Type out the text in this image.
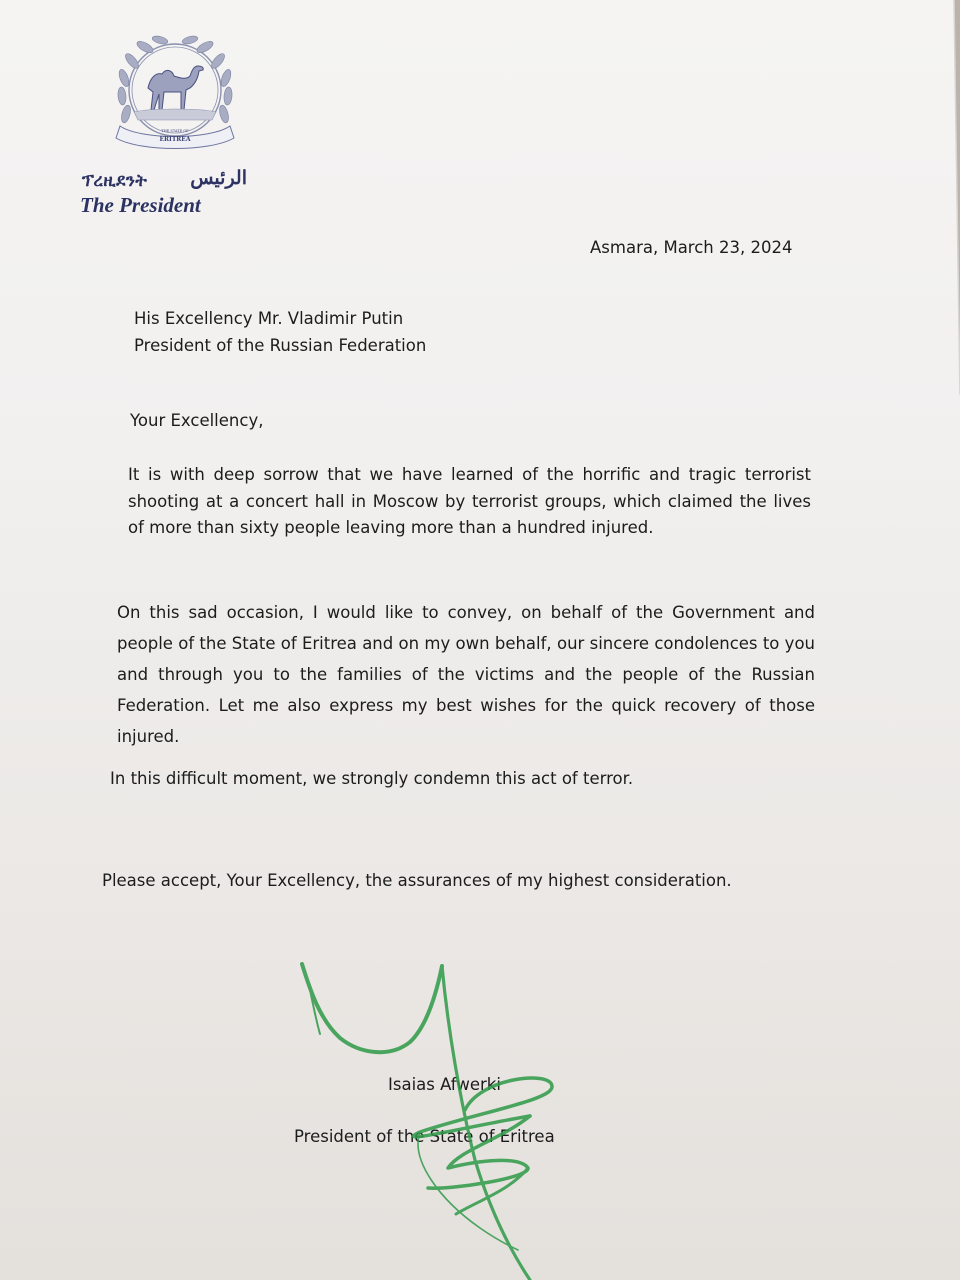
ERITREA
THE STATE OF
ፕረዚደንት الرئيس
The President
Asmara, March 23, 2024
His Excellency Mr. Vladimir Putin
President of the Russian Federation
Your Excellency,
It is with deep sorrow that we have learned of the horrific and tragic terrorist shooting at a concert hall in Moscow by terrorist groups, which claimed the lives of more than sixty people leaving more than a hundred injured.
On this sad occasion, I would like to convey, on behalf of the Government and people of the State of Eritrea and on my own behalf, our sincere condolences to you and through you to the families of the victims and the people of the Russian Federation. Let me also express my best wishes for the quick recovery of those injured.
In this difficult moment, we strongly condemn this act of terror.
Please accept, Your Excellency, the assurances of my highest consideration.
Isaias Afwerki
President of the State of Eritrea
